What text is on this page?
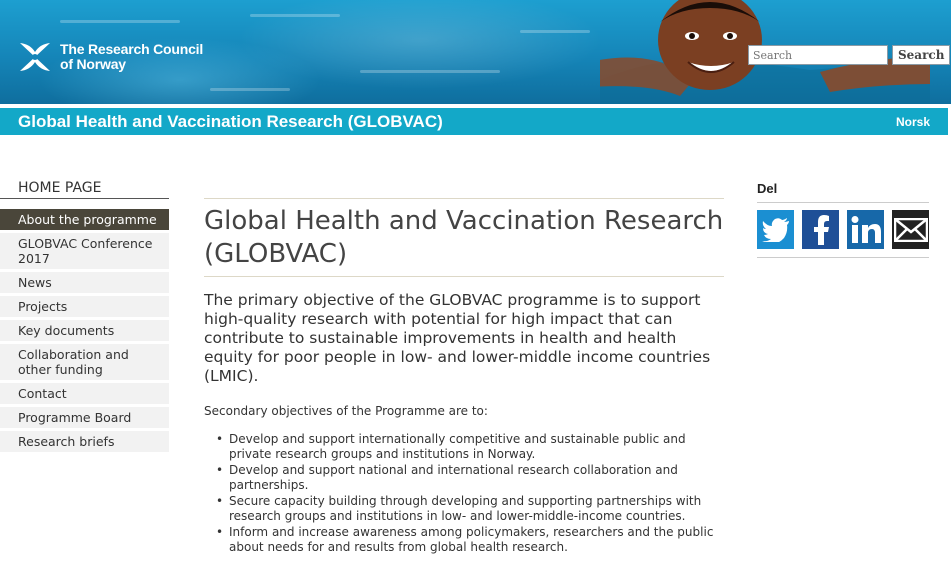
The Research Council
of Norway
Search
Search
Global Health and Vaccination Research (GLOBVAC)	Norsk
HOME PAGE
About the programme
GLOBVAC Conference 2017
News
Projects
Key documents
Collaboration and other funding
Contact
Programme Board
Research briefs
Global Health and Vaccination Research (GLOBVAC)

The primary objective of the GLOBVAC programme is to support high-quality research with potential for high impact that can contribute to sustainable improvements in health and health equity for poor people in low- and lower-middle income countries (LMIC).

Secondary objectives of the Programme are to:

• Develop and support internationally competitive and sustainable public and private research groups and institutions in Norway.
• Develop and support national and international research collaboration and partnerships.
• Secure capacity building through developing and supporting partnerships with research groups and institutions in low- and lower-middle-income countries.
• Inform and increase awareness among policymakers, researchers and the public about needs for and results from global health research.
Del
